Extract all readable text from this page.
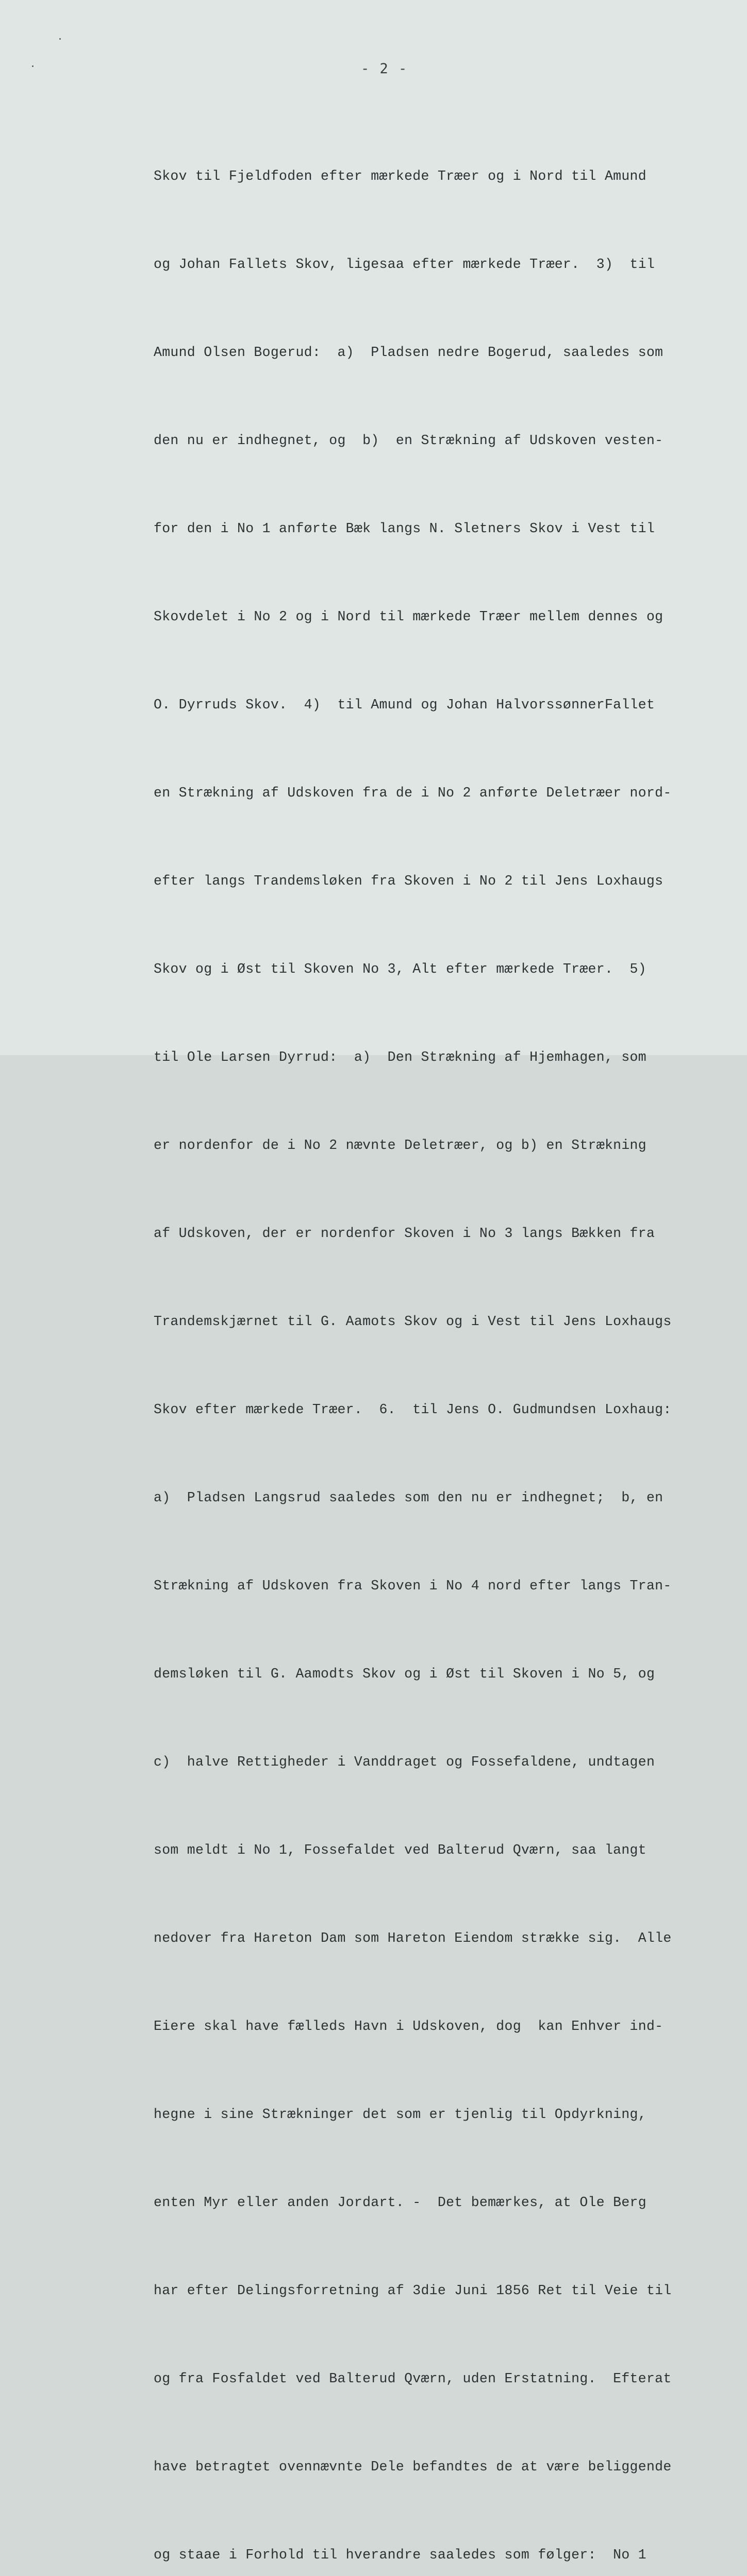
- 2 -

Skov til Fjeldfoden efter mærkede Træer og i Nord til Amund

og Johan Fallets Skov, ligesaa efter mærkede Træer.  3)  til

Amund Olsen Bogerud:  a)  Pladsen nedre Bogerud, saaledes som

den nu er indhegnet, og  b)  en Strækning af Udskoven vesten-

for den i No 1 anførte Bæk langs N. Sletners Skov i Vest til

Skovdelet i No 2 og i Nord til mærkede Træer mellem dennes og

O. Dyrruds Skov.  4)  til Amund og Johan HalvorssønnerFallet

en Strækning af Udskoven fra de i No 2 anførte Deletræer nord-

efter langs Trandemsløken fra Skoven i No 2 til Jens Loxhaugs

Skov og i Øst til Skoven No 3, Alt efter mærkede Træer.  5)

til Ole Larsen Dyrrud:  a)  Den Strækning af Hjemhagen, som

er nordenfor de i No 2 nævnte Deletræer, og b) en Strækning

af Udskoven, der er nordenfor Skoven i No 3 langs Bækken fra

Trandemskjærnet til G. Aamots Skov og i Vest til Jens Loxhaugs

Skov efter mærkede Træer.  6.  til Jens O. Gudmundsen Loxhaug:

a)  Pladsen Langsrud saaledes som den nu er indhegnet;  b, en

Strækning af Udskoven fra Skoven i No 4 nord efter langs Tran-

demsløken til G. Aamodts Skov og i Øst til Skoven i No 5, og

c)  halve Rettigheder i Vanddraget og Fossefaldene, undtagen

som meldt i No 1, Fossefaldet ved Balterud Qværn, saa langt

nedover fra Hareton Dam som Hareton Eiendom strække sig.  Alle

Eiere skal have fælleds Havn i Udskoven, dog  kan Enhver ind-

hegne i sine Strækninger det som er tjenlig til Opdyrkning,

enten Myr eller anden Jordart. -  Det bemærkes, at Ole Berg

har efter Delingsforretning af 3die Juni 1856 Ret til Veie til

og fra Fosfaldet ved Balterud Qværn, uden Erstatning.  Efterat

have betragtet ovennævnte Dele befandtes de at være beliggende

og staae i Forhold til hverandre saaledes som følger:  No 1
